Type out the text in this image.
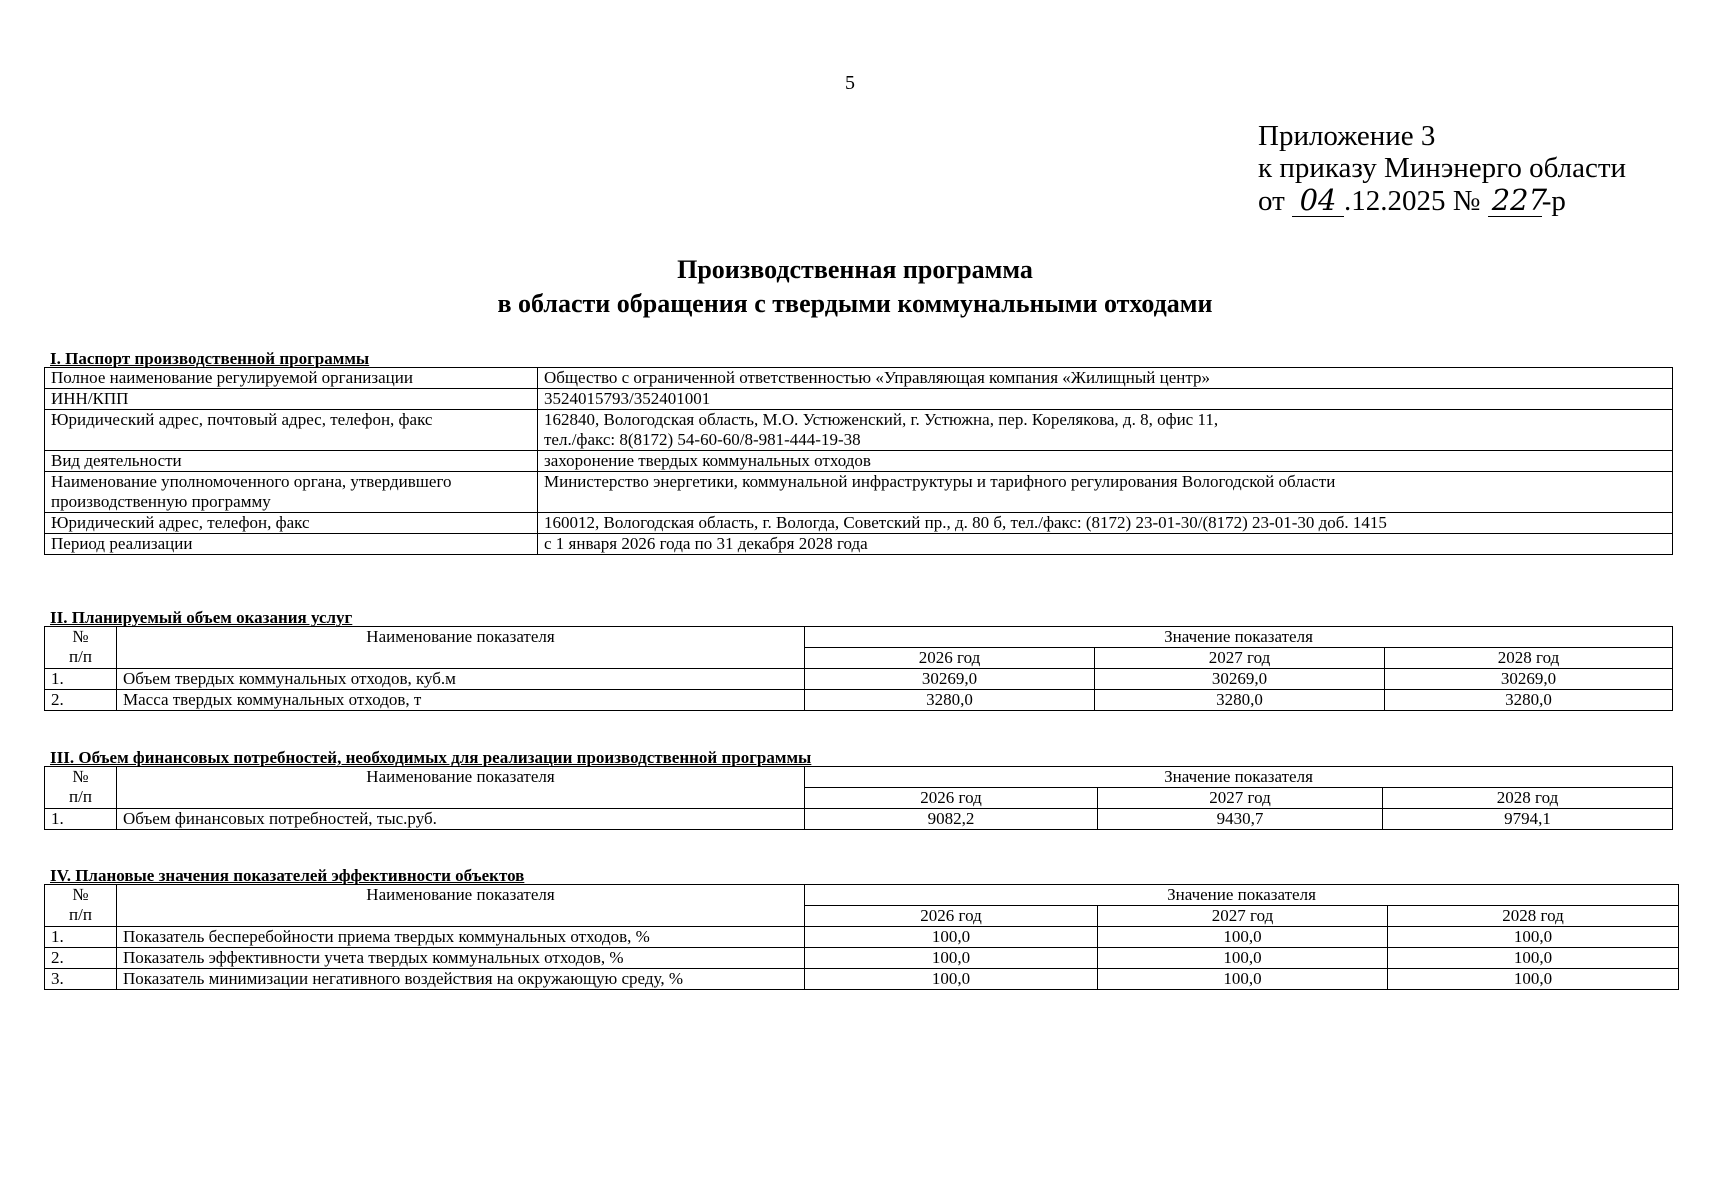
5
Приложение 3
к приказу Минэнерго области
от 04 .12.2025 № 227-р
Производственная программа
в области обращения с твердыми коммунальными отходами
I. Паспорт производственной программы
Полное наименование регулируемой организации	Общество с ограниченной ответственностью «Управляющая компания «Жилищный центр»
ИНН/КПП	3524015793/352401001
Юридический адрес, почтовый адрес, телефон, факс	162840, Вологодская область, М.О. Устюженский, г. Устюжна, пер. Корелякова, д. 8, офис 11,
тел./факс: 8(8172) 54-60-60/8-981-444-19-38

Вид деятельности	захоронение твердых коммунальных отходов

Наименование уполномоченного органа, утвердившего
производственную программу	Министерство энергетики, коммунальной инфраструктуры и тарифного регулирования Вологодской области
Юридический адрес, телефон, факс	160012, Вологодская область, г. Вологда, Советский пр., д. 80 б, тел./факс: (8172) 23-01-30/(8172) 23-01-30 доб. 1415
Период реализации	с 1 января 2026 года по 31 декабря 2028 года
II. Планируемый объем оказания услуг
№
п/п	Наименование показателя	Значение показателя		
		2026 год	2027 год	2028 год
1.	Объем твердых коммунальных отходов, куб.м	30269,0	30269,0	30269,0
2.	Масса твердых коммунальных отходов, т	3280,0	3280,0	3280,0
III. Объем финансовых потребностей, необходимых для реализации производственной программы
№
п/п	Наименование показателя	Значение показателя		
		2026 год	2027 год	2028 год
1.	Объем финансовых потребностей, тыс.руб.	9082,2	9430,7	9794,1
IV. Плановые значения показателей эффективности объектов
№
п/п	Наименование показателя	Значение показателя		
		2026 год	2027 год	2028 год
1.	Показатель бесперебойности приема твердых коммунальных отходов, %	100,0	100,0	100,0
2.	Показатель эффективности учета твердых коммунальных отходов, %	100,0	100,0	100,0
3.	Показатель минимизации негативного воздействия на окружающую среду, %	100,0	100,0	100,0
